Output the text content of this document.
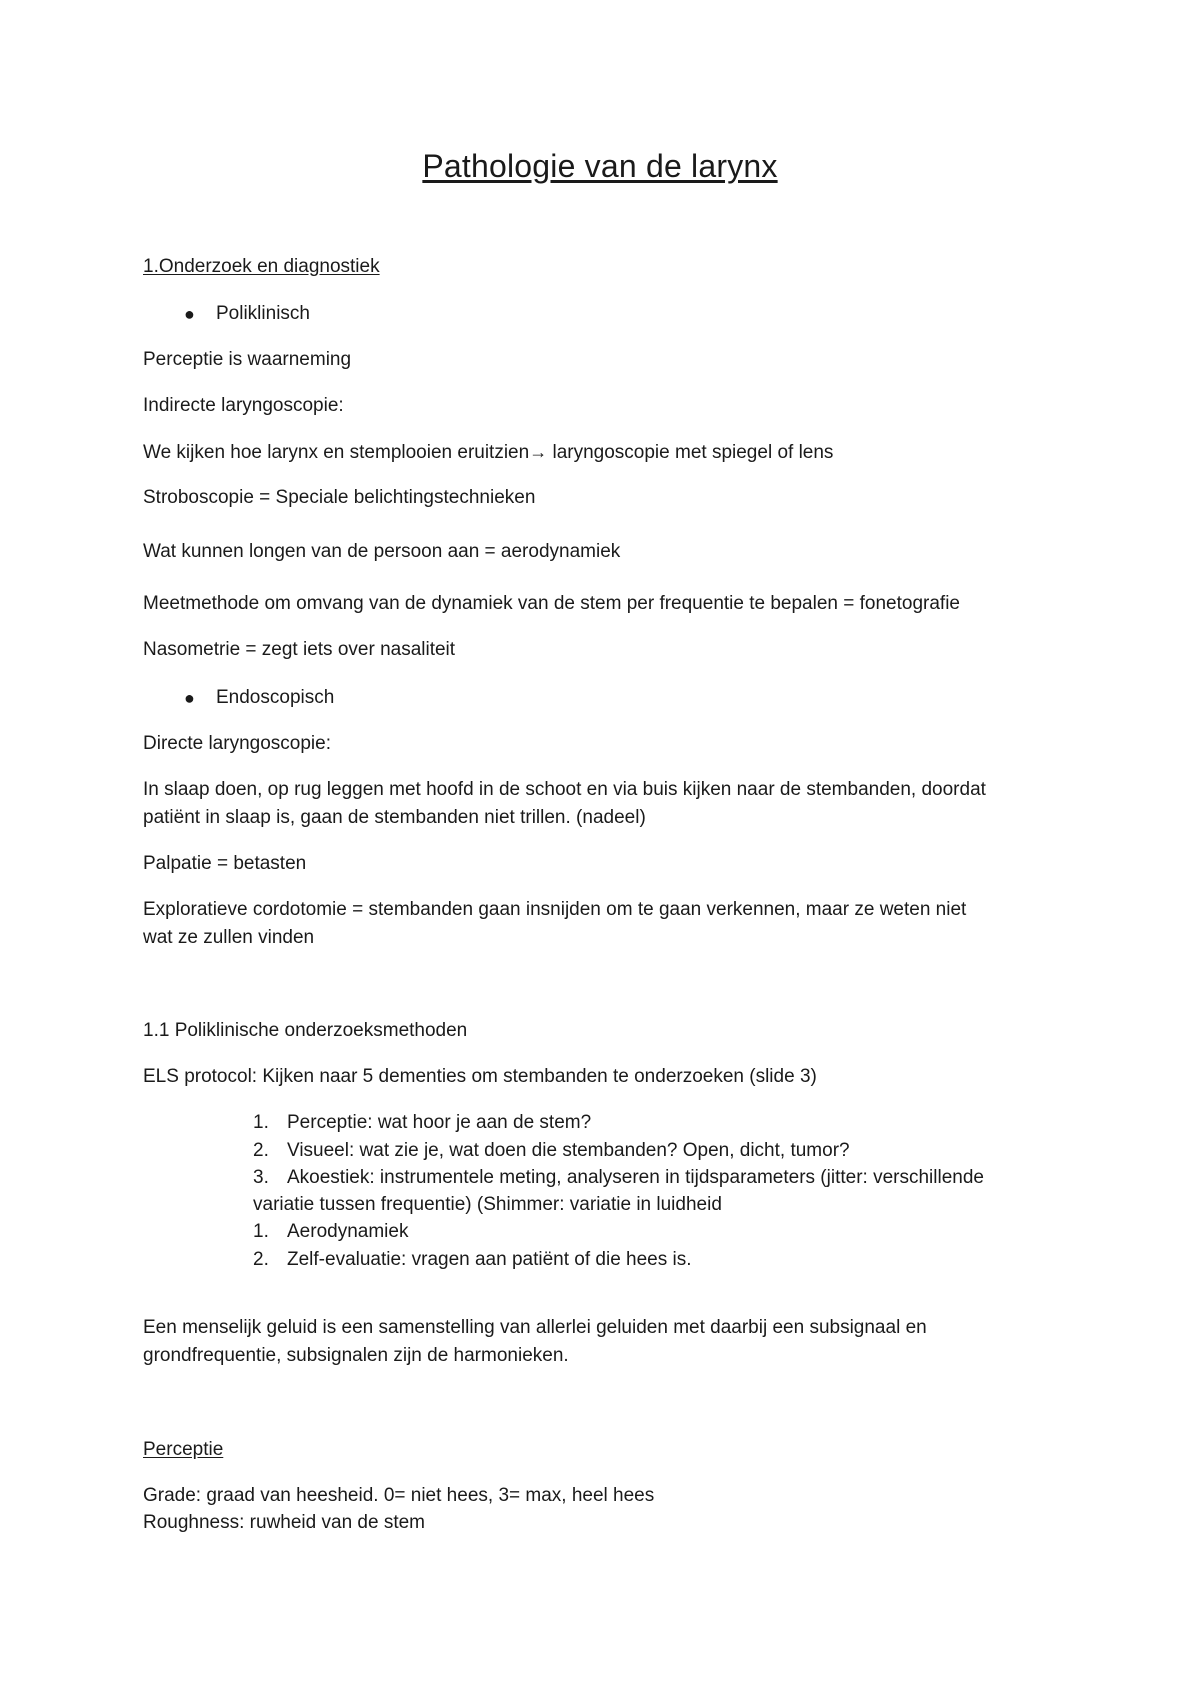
Pathologie van de larynx
1.Onderzoek en diagnostiek
● Poliklinisch
Perceptie is waarneming
Indirecte laryngoscopie:
We kijken hoe larynx en stemplooien eruitzien→ laryngoscopie met spiegel of lens
Stroboscopie = Speciale belichtingstechnieken
Wat kunnen longen van de persoon aan = aerodynamiek
Meetmethode om omvang van de dynamiek van de stem per frequentie te bepalen = fonetografie
Nasometrie = zegt iets over nasaliteit
● Endoscopisch
Directe laryngoscopie:
In slaap doen, op rug leggen met hoofd in de schoot en via buis kijken naar de stembanden, doordat
patiënt in slaap is, gaan de stembanden niet trillen. (nadeel)
Palpatie = betasten
Exploratieve cordotomie = stembanden gaan insnijden om te gaan verkennen, maar ze weten niet
wat ze zullen vinden
1.1 Poliklinische onderzoeksmethoden
ELS protocol: Kijken naar 5 dementies om stembanden te onderzoeken (slide 3)
1. Perceptie: wat hoor je aan de stem?
2. Visueel: wat zie je, wat doen die stembanden? Open, dicht, tumor?
3. Akoestiek: instrumentele meting, analyseren in tijdsparameters (jitter: verschillende
variatie tussen frequentie) (Shimmer: variatie in luidheid
1. Aerodynamiek
2. Zelf-evaluatie: vragen aan patiënt of die hees is.
Een menselijk geluid is een samenstelling van allerlei geluiden met daarbij een subsignaal en
grondfrequentie, subsignalen zijn de harmonieken.
Perceptie
Grade: graad van heesheid. 0= niet hees, 3= max, heel hees
Roughness: ruwheid van de stem
